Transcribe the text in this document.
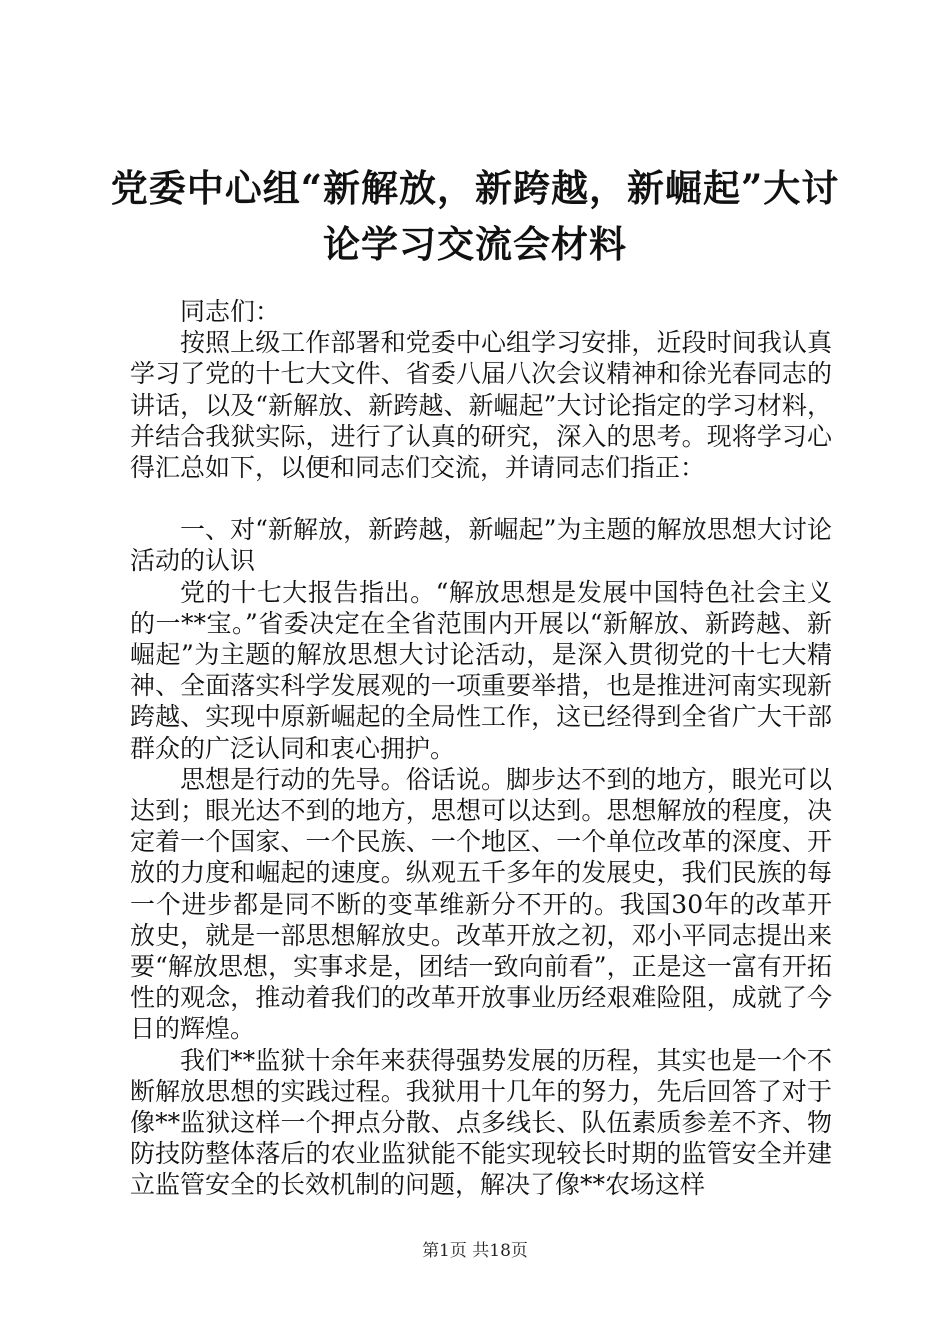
党委中心组“新解放，新跨越，新崛起”大讨论学习交流会材料

同志们：

按照上级工作部署和党委中心组学习安排，近段时间我认真学习了党的十七大文件、省委八届八次会议精神和徐光春同志的讲话，以及“新解放、新跨越、新崛起”大讨论指定的学习材料，并结合我狱实际，进行了认真的研究，深入的思考。现将学习心得汇总如下，以便和同志们交流，并请同志们指正：

一、对“新解放，新跨越，新崛起”为主题的解放思想大讨论活动的认识

党的十七大报告指出。“解放思想是发展中国特色社会主义的一**宝。”省委决定在全省范围内开展以“新解放、新跨越、新崛起”为主题的解放思想大讨论活动，是深入贯彻党的十七大精神、全面落实科学发展观的一项重要举措，也是推进河南实现新跨越、实现中原新崛起的全局性工作，这已经得到全省广大干部群众的广泛认同和衷心拥护。

思想是行动的先导。俗话说。脚步达不到的地方，眼光可以达到；眼光达不到的地方，思想可以达到。思想解放的程度，决定着一个国家、一个民族、一个地区、一个单位改革的深度、开放的力度和崛起的速度。纵观五千多年的发展史，我们民族的每一个进步都是同不断的变革维新分不开的。我国30年的改革开放史，就是一部思想解放史。改革开放之初，邓小平同志提出来要“解放思想，实事求是，团结一致向前看”，正是这一富有开拓性的观念，推动着我们的改革开放事业历经艰难险阻，成就了今日的辉煌。

我们**监狱十余年来获得强势发展的历程，其实也是一个不断解放思想的实践过程。我狱用十几年的努力，先后回答了对于像**监狱这样一个押点分散、点多线长、队伍素质参差不齐、物防技防整体落后的农业监狱能不能实现较长时期的监管安全并建立监管安全的长效机制的问题，解决了像**农场这样

第1页 共18页
